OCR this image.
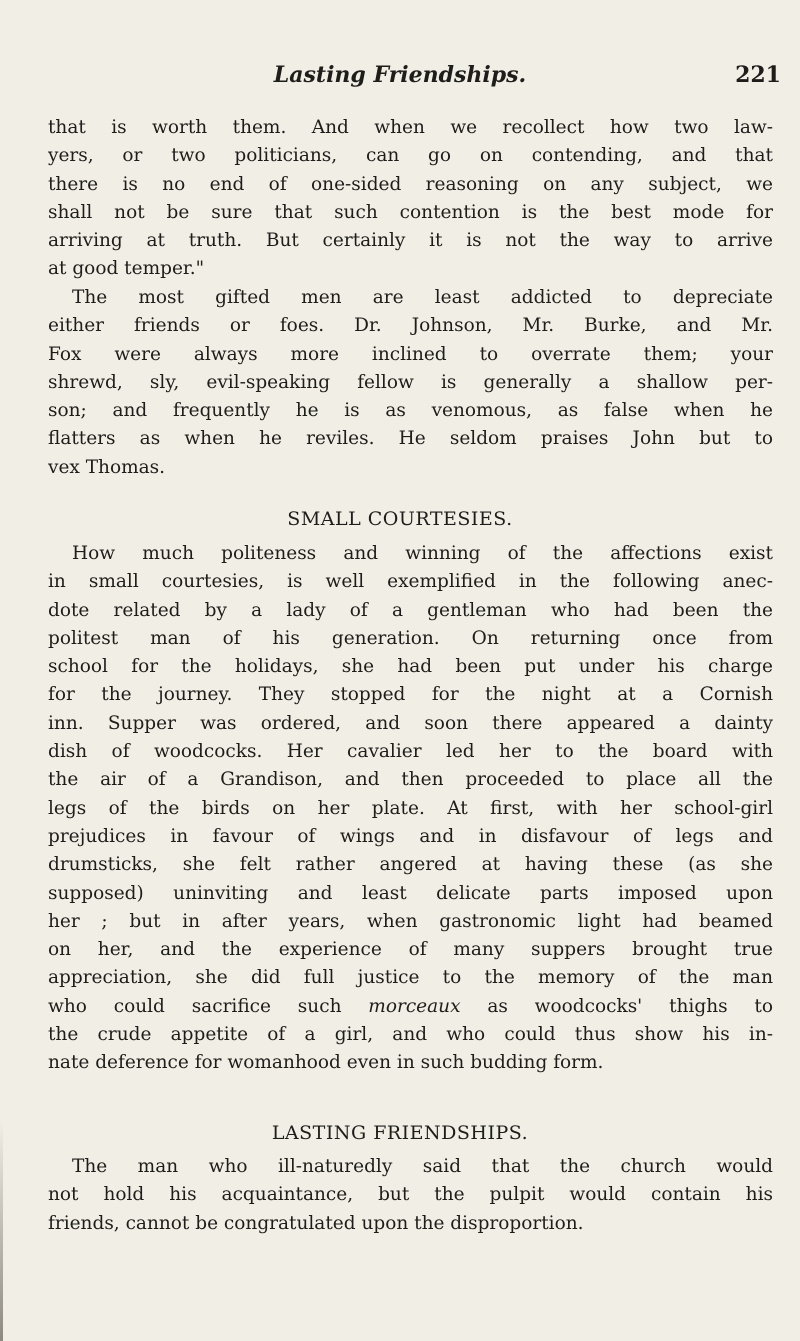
Lasting Friendships.	221
that is worth them. And when we recollect how two law-
yers, or two politicians, can go on contending, and that
there is no end of one-sided reasoning on any subject, we
shall not be sure that such contention is the best mode for
arriving at truth. But certainly it is not the way to arrive
at good temper."
The most gifted men are least addicted to depreciate
either friends or foes. Dr. Johnson, Mr. Burke, and Mr.
Fox were always more inclined to overrate them; your
shrewd, sly, evil-speaking fellow is generally a shallow per-
son; and frequently he is as venomous, as false when he
flatters as when he reviles. He seldom praises John but to
vex Thomas.
SMALL COURTESIES.
How much politeness and winning of the affections exist
in small courtesies, is well exemplified in the following anec-
dote related by a lady of a gentleman who had been the
politest man of his generation. On returning once from
school for the holidays, she had been put under his charge
for the journey. They stopped for the night at a Cornish
inn. Supper was ordered, and soon there appeared a dainty
dish of woodcocks. Her cavalier led her to the board with
the air of a Grandison, and then proceeded to place all the
legs of the birds on her plate. At first, with her school-girl
prejudices in favour of wings and in disfavour of legs and
drumsticks, she felt rather angered at having these (as she
supposed) uninviting and least delicate parts imposed upon
her ; but in after years, when gastronomic light had beamed
on her, and the experience of many suppers brought true
appreciation, she did full justice to the memory of the man
who could sacrifice such morceaux as woodcocks' thighs to
the crude appetite of a girl, and who could thus show his in-
nate deference for womanhood even in such budding form.
LASTING FRIENDSHIPS.
The man who ill-naturedly said that the church would
not hold his acquaintance, but the pulpit would contain his
friends, cannot be congratulated upon the disproportion.
